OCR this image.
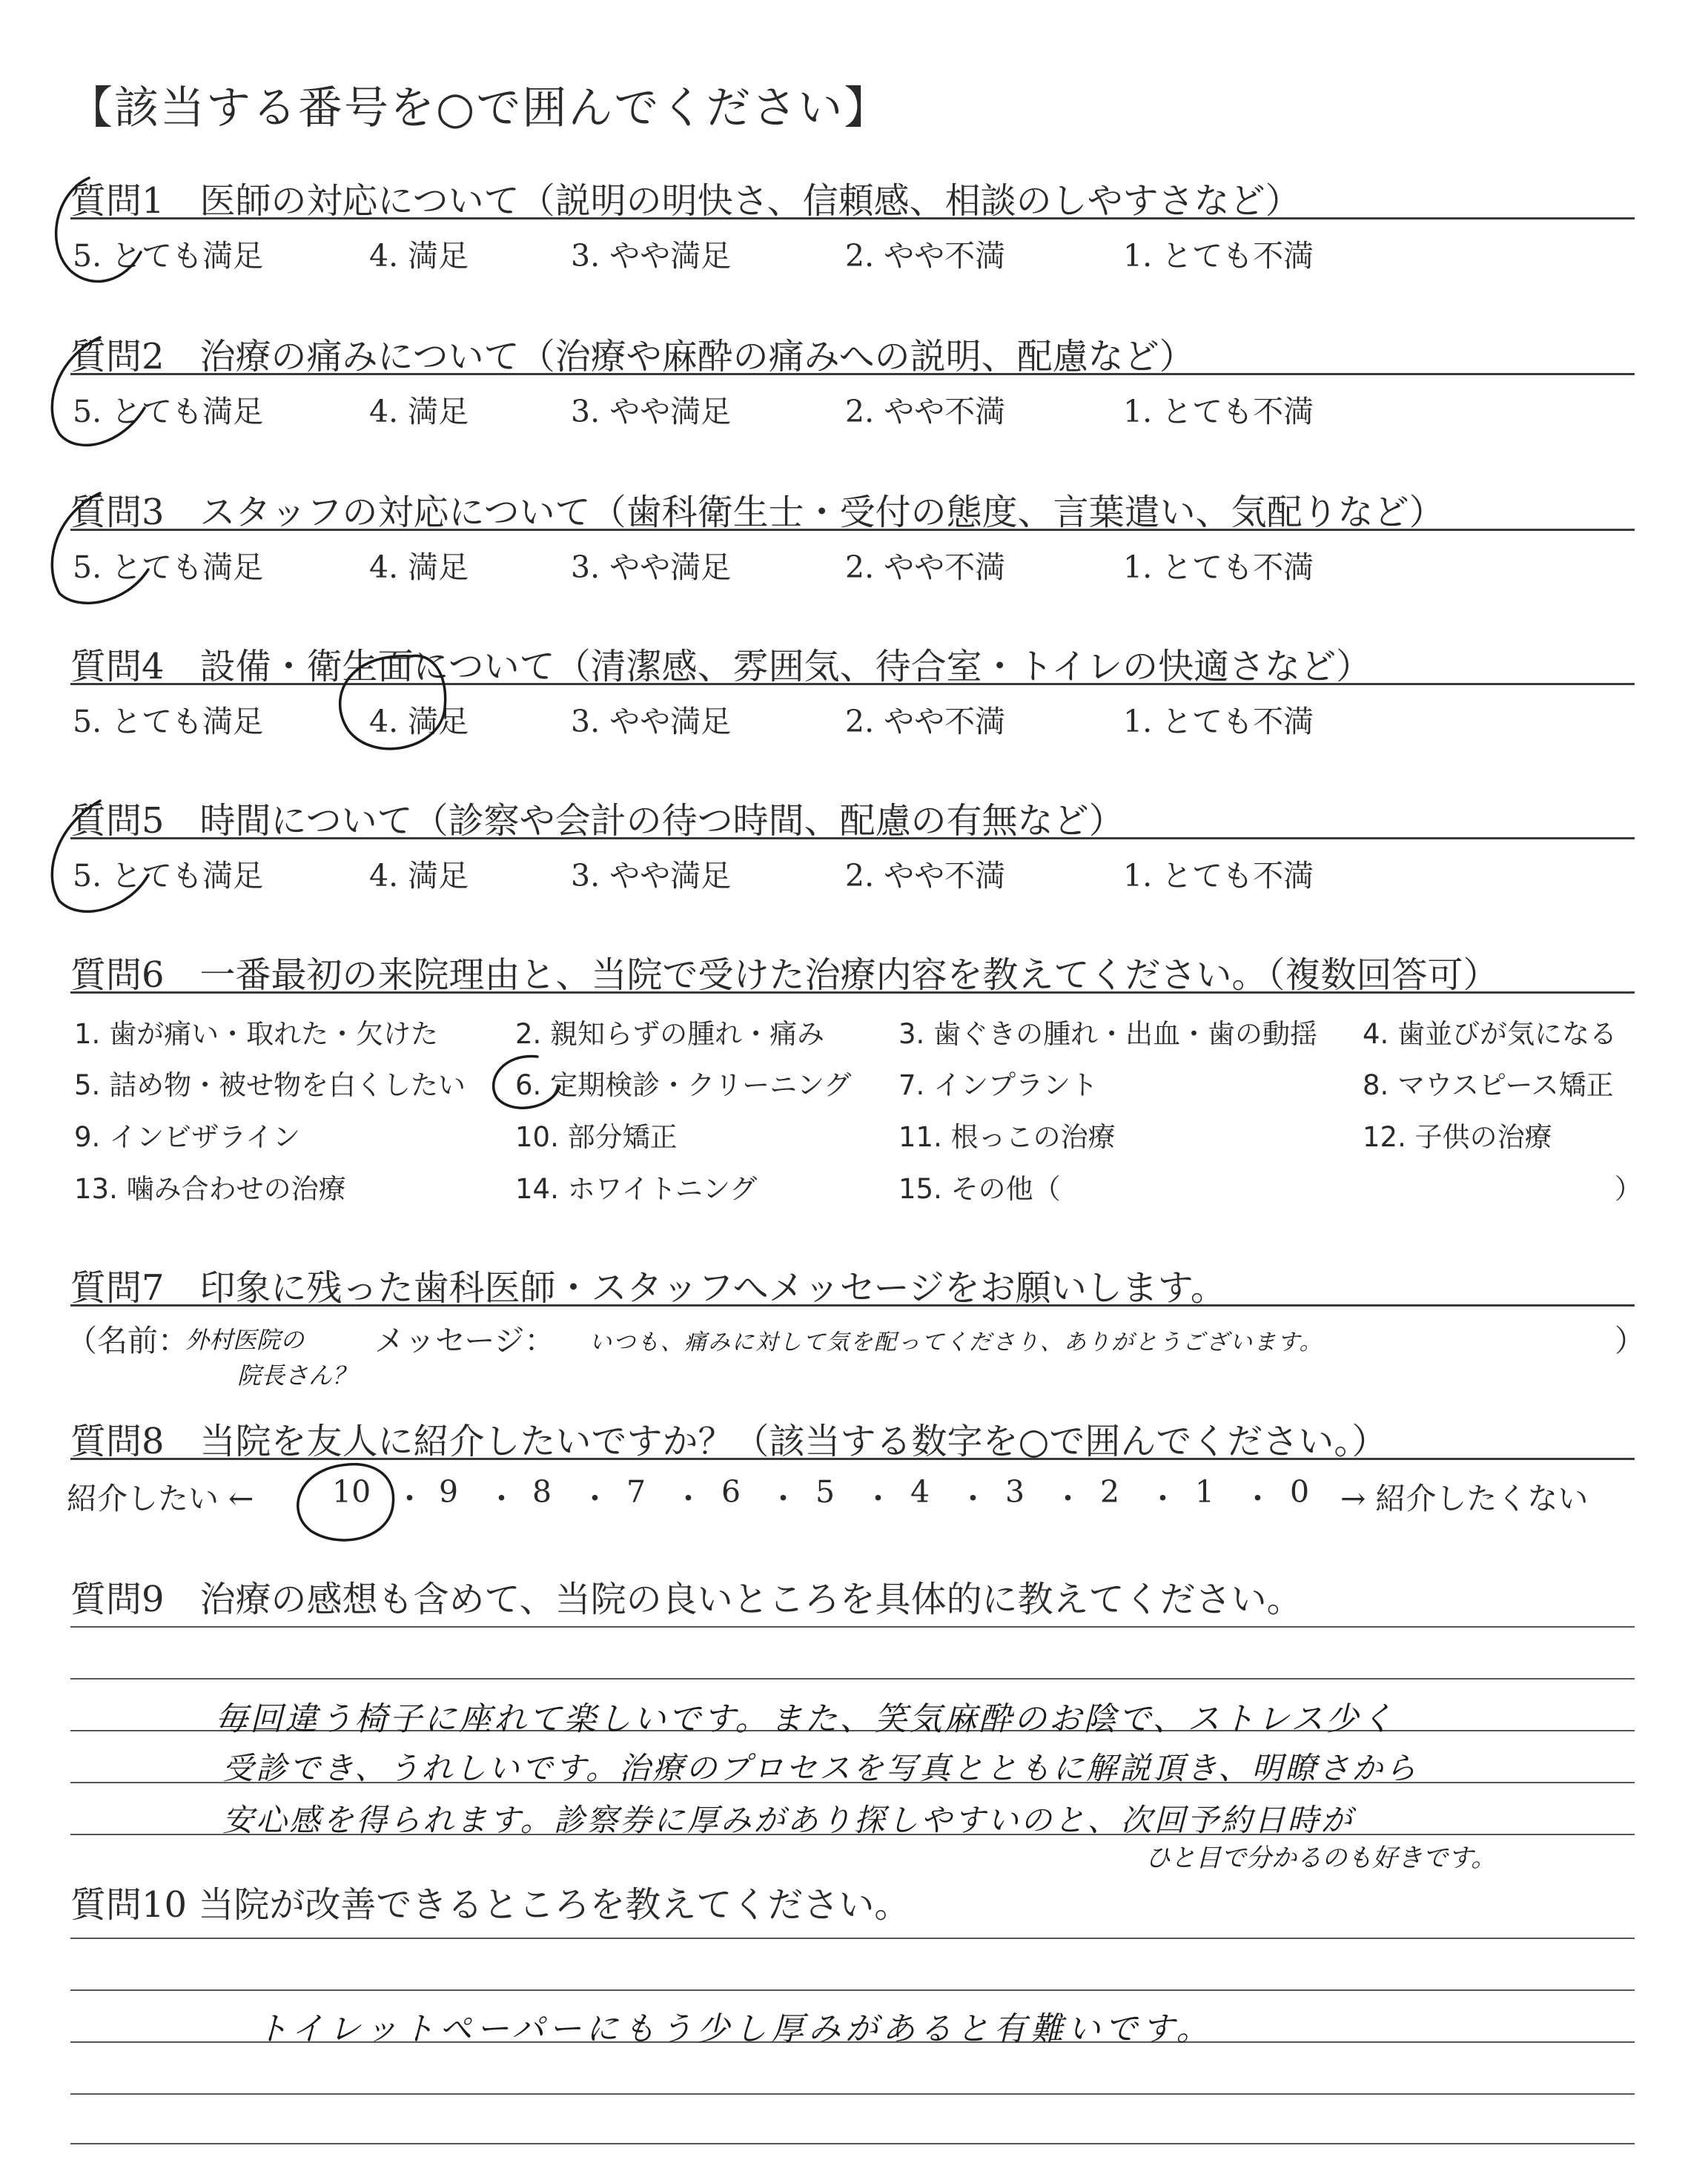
【該当する番号を○で囲んでください】
質問1　医師の対応について（説明の明快さ、信頼感、相談のしやすさなど）
5. とても満足	4. 満足	3. やや満足	2. やや不満	1. とても不満
質問2　治療の痛みについて（治療や麻酔の痛みへの説明、配慮など）
5. とても満足	4. 満足	3. やや満足	2. やや不満	1. とても不満
質問3　スタッフの対応について（歯科衛生士・受付の態度、言葉遣い、気配りなど）
5. とても満足	4. 満足	3. やや満足	2. やや不満	1. とても不満
質問4　設備・衛生面について（清潔感、雰囲気、待合室・トイレの快適さなど）
5. とても満足	4. 満足	3. やや満足	2. やや不満	1. とても不満
質問5　時間について（診察や会計の待つ時間、配慮の有無など）
5. とても満足	4. 満足	3. やや満足	2. やや不満	1. とても不満
質問6　一番最初の来院理由と、当院で受けた治療内容を教えてください。（複数回答可）
1. 歯が痛い・取れた・欠けた	2. 親知らずの腫れ・痛み	3. 歯ぐきの腫れ・出血・歯の動揺 4. 歯並びが気になる
5. 詰め物・被せ物を白くしたい 6. 定期検診・クリーニング 7. インプラント	8. マウスピース矯正
9. インビザライン	10. 部分矯正	11. 根っこの治療	12. 子供の治療
13. 噛み合わせの治療	14. ホワイトニング	15. その他（	）
質問7　印象に残った歯科医師・スタッフへメッセージをお願いします。
（名前：
外村医院の
院長さん？
メッセージ： いつも、痛みに対して気を配ってくださり、ありがとうございます。	）
質問8　当院を友人に紹介したいですか？（該当する数字を○で囲んでください。）
紹介したい ←	10 ・ 9 ・ 8 ・ 7 ・ 6 ・ 5 ・ 4 ・ 3 ・ 2 ・ 1 ・ 0 → 紹介したくない
質問9　治療の感想も含めて、当院の良いところを具体的に教えてください。
毎回違う椅子に座れて楽しいです。また、笑気麻酔のお陰で、ストレス少く
受診でき、うれしいです。治療のプロセスを写真とともに解説頂き、明瞭さから
安心感を得られます。診察券に厚みがあり探しやすいのと、次回予約日時が
ひと目で分かるのも好きです。
質問10 当院が改善できるところを教えてください。
トイレットペーパーにもう少し厚みがあると有難いです。
